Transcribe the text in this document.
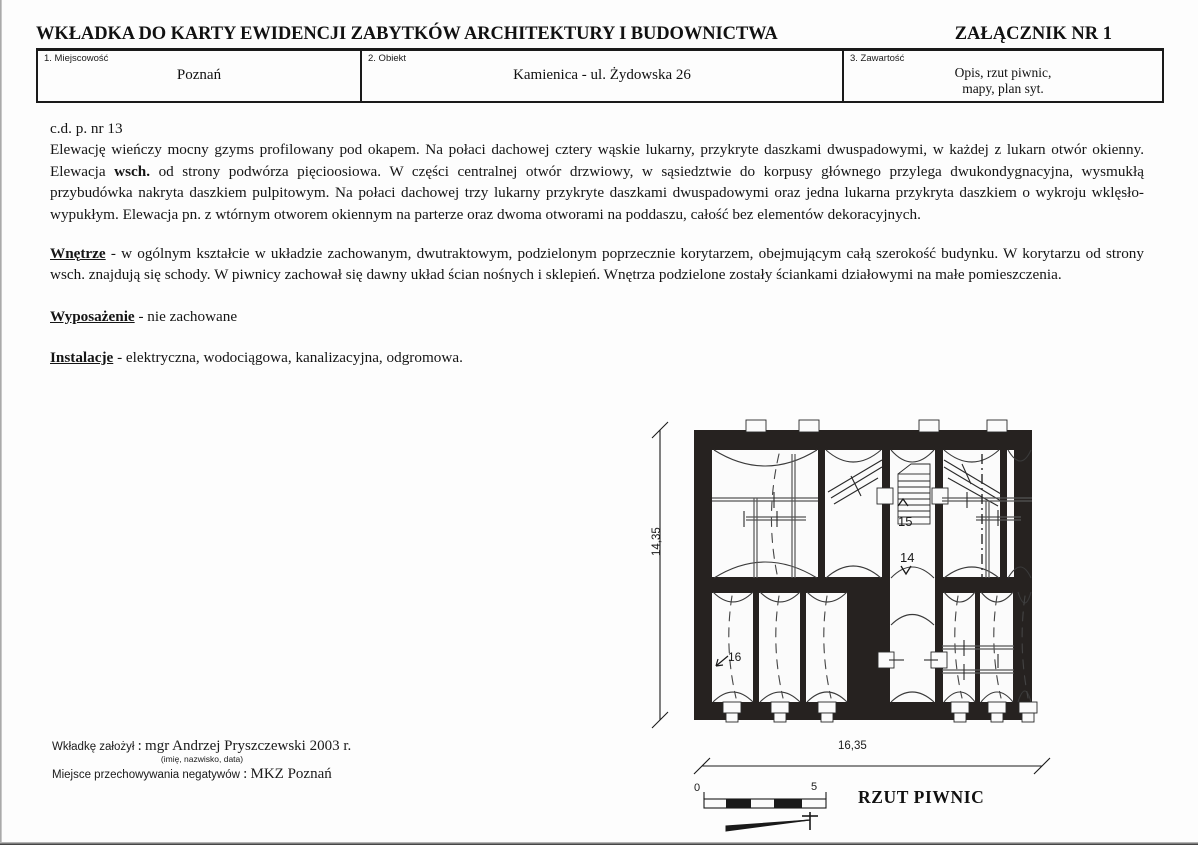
WKŁADKA DO KARTY EWIDENCJI ZABYTKÓW ARCHITEKTURY I BUDOWNICTWA	ZAŁĄCZNIK NR 1
1. Miejscowość
Poznań
2. Obiekt
Kamienica - ul. Żydowska 26
3. Zawartość
Opis, rzut piwnic,
mapy, plan syt.
c.d. p. nr 13

Elewację wieńczy mocny gzyms profilowany pod okapem. Na połaci dachowej cztery wąskie lukarny, przykryte daszkami dwuspadowymi, w każdej z lukarn otwór okienny. Elewacja wsch. od strony podwórza pięcioosiowa. W części centralnej otwór drzwiowy, w sąsiedztwie do korpusy głównego przylega dwukondygnacyjna, wysmukłą przybudówka nakryta daszkiem pulpitowym. Na połaci dachowej trzy lukarny przykryte daszkami dwuspadowymi oraz jedna lukarna przykryta daszkiem o wykroju wklęsło-wypukłym. Elewacja pn. z wtórnym otworem okiennym na parterze oraz dwoma otworami na poddaszu, całość bez elementów dekoracyjnych.

Wnętrze - w ogólnym kształcie w układzie zachowanym, dwutraktowym, podzielonym poprzecznie korytarzem, obejmującym całą szerokość budynku. W korytarzu od strony wsch. znajdują się schody. W piwnicy zachował się dawny układ ścian nośnych i sklepień. Wnętrza podzielone zostały ściankami działowymi na małe pomieszczenia.

Wyposażenie - nie zachowane

Instalacje - elektryczna, wodociągowa, kanalizacyjna, odgromowa.

Wkładkę założył : mgr Andrzej Pryszczewski 2003 r.
(imię, nazwisko, data)
Miejsce przechowywania negatywów : MKZ Poznań
15
14
16
14,35
16,35
0	5 RZUT PIWNIC
